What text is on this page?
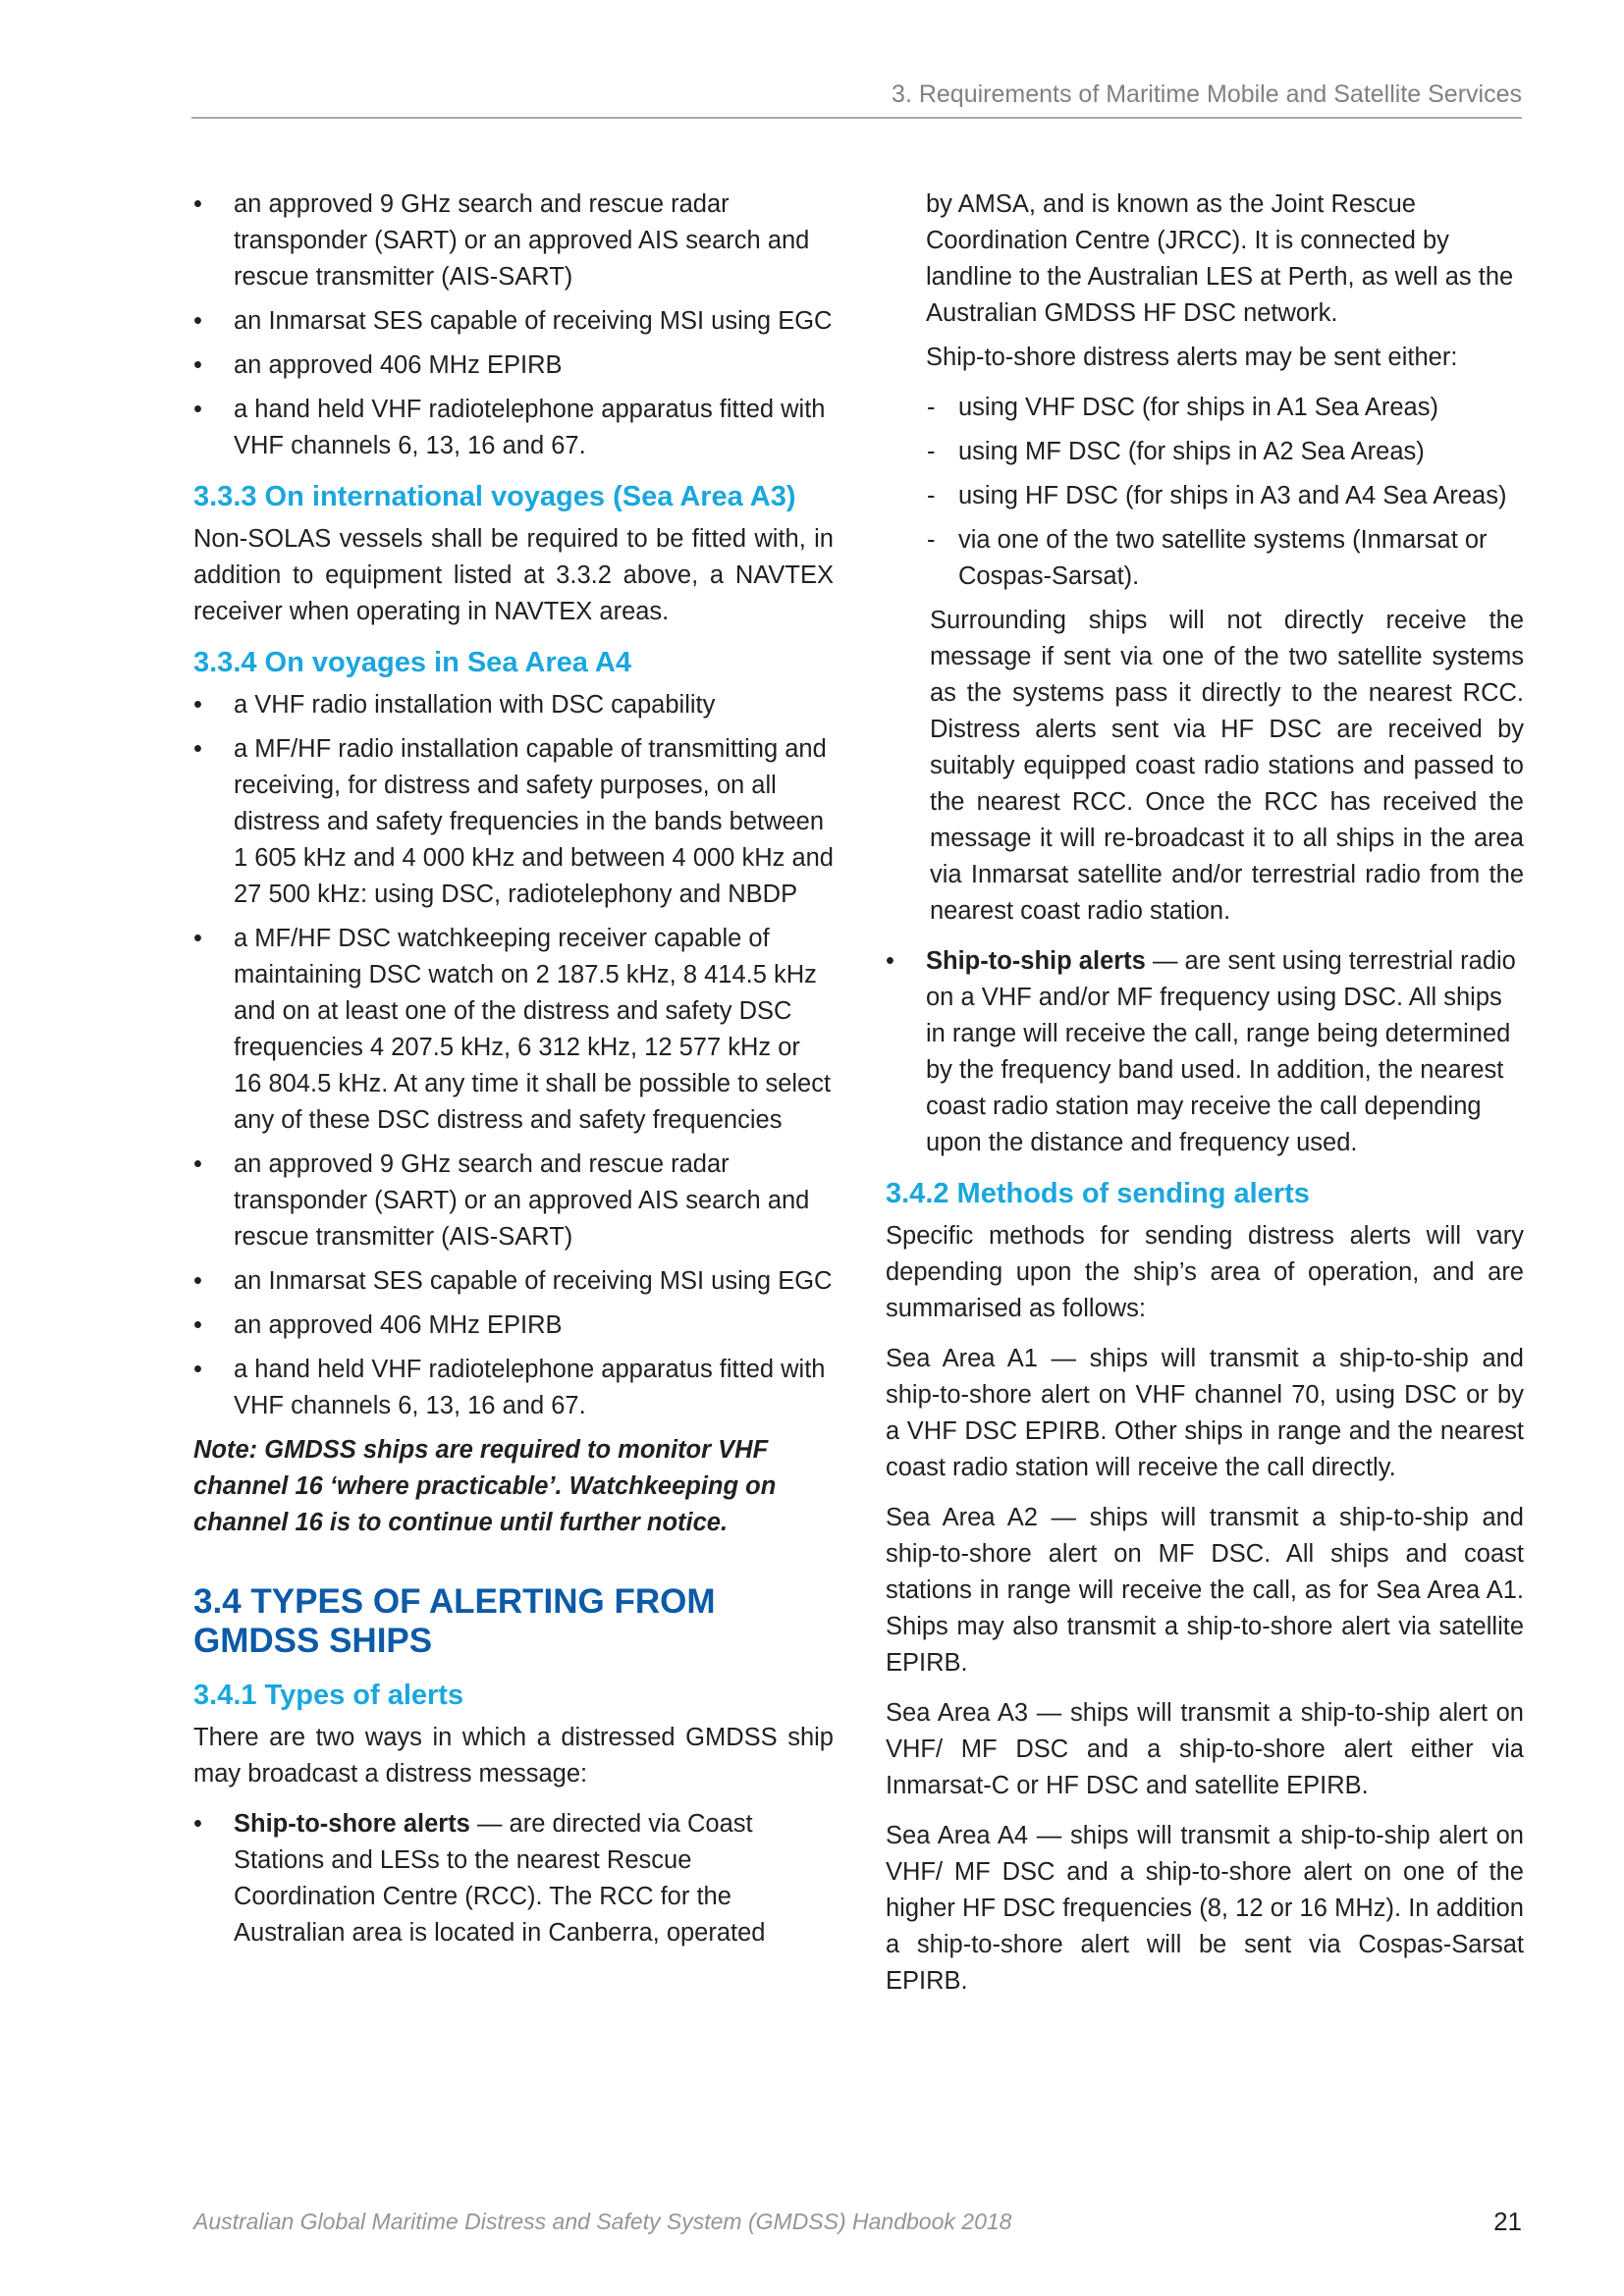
3. Requirements of Maritime Mobile and Satellite Services
• an approved 9 GHz search and rescue radar transponder (SART) or an approved AIS search and rescue transmitter (AIS-SART)
• an Inmarsat SES capable of receiving MSI using EGC
• an approved 406 MHz EPIRB
• a hand held VHF radiotelephone apparatus fitted with VHF channels 6, 13, 16 and 67.
3.3.3 On international voyages (Sea Area A3)

Non-SOLAS vessels shall be required to be fitted with, in addition to equipment listed at 3.3.2 above, a NAVTEX receiver when operating in NAVTEX areas.

3.3.4 On voyages in Sea Area A4
• a VHF radio installation with DSC capability
• a MF/HF radio installation capable of transmitting and receiving, for distress and safety purposes, on all distress and safety frequencies in the bands between 1 605 kHz and 4 000 kHz and between 4 000 kHz and 27 500 kHz: using DSC, radiotelephony and NBDP
• a MF/HF DSC watchkeeping receiver capable of maintaining DSC watch on 2 187.5 kHz, 8 414.5 kHz and on at least one of the distress and safety DSC frequencies 4 207.5 kHz, 6 312 kHz, 12 577 kHz or 16 804.5 kHz. At any time it shall be possible to select any of these DSC distress and safety frequencies
• an approved 9 GHz search and rescue radar transponder (SART) or an approved AIS search and rescue transmitter (AIS-SART)
• an Inmarsat SES capable of receiving MSI using EGC
• an approved 406 MHz EPIRB
• a hand held VHF radiotelephone apparatus fitted with VHF channels 6, 13, 16 and 67.

Note: GMDSS ships are required to monitor VHF channel 16 ‘where practicable’. Watchkeeping on channel 16 is to continue until further notice.

3.4 TYPES OF ALERTING FROM GMDSS SHIPS
3.4.1 Types of alerts

There are two ways in which a distressed GMDSS ship may broadcast a distress message:

• Ship-to-shore alerts — are directed via Coast Stations and LESs to the nearest Rescue Coordination Centre (RCC). The RCC for the Australian area is located in Canberra, operated
by AMSA, and is known as the Joint Rescue Coordination Centre (JRCC). It is connected by landline to the Australian LES at Perth, as well as the Australian GMDSS HF DSC network.

Ship-to-shore distress alerts may be sent either:

- using VHF DSC (for ships in A1 Sea Areas)
- using MF DSC (for ships in A2 Sea Areas)
- using HF DSC (for ships in A3 and A4 Sea Areas)
- via one of the two satellite systems (Inmarsat or Cospas-Sarsat).

Surrounding ships will not directly receive the message if sent via one of the two satellite systems as the systems pass it directly to the nearest RCC. Distress alerts sent via HF DSC are received by suitably equipped coast radio stations and passed to the nearest RCC. Once the RCC has received the message it will re-broadcast it to all ships in the area via Inmarsat satellite and/or terrestrial radio from the nearest coast radio station.

• Ship-to-ship alerts — are sent using terrestrial radio on a VHF and/or MF frequency using DSC. All ships in range will receive the call, range being determined by the frequency band used. In addition, the nearest coast radio station may receive the call depending upon the distance and frequency used.
3.4.2 Methods of sending alerts

Specific methods for sending distress alerts will vary depending upon the ship’s area of operation, and are summarised as follows:

Sea Area A1 — ships will transmit a ship-to-ship and ship-to-shore alert on VHF channel 70, using DSC or by a VHF DSC EPIRB. Other ships in range and the nearest coast radio station will receive the call directly.

Sea Area A2 — ships will transmit a ship-to-ship and ship-to-shore alert on MF DSC. All ships and coast stations in range will receive the call, as for Sea Area A1. Ships may also transmit a ship-to-shore alert via satellite EPIRB.

Sea Area A3 — ships will transmit a ship-to-ship alert on VHF/ MF DSC and a ship-to-shore alert either via Inmarsat-C or HF DSC and satellite EPIRB.

Sea Area A4 — ships will transmit a ship-to-ship alert on VHF/ MF DSC and a ship-to-shore alert on one of the higher HF DSC frequencies (8, 12 or 16 MHz). In addition a ship-to-shore alert will be sent via Cospas-Sarsat EPIRB.

Australian Global Maritime Distress and Safety System (GMDSS) Handbook 2018	21
